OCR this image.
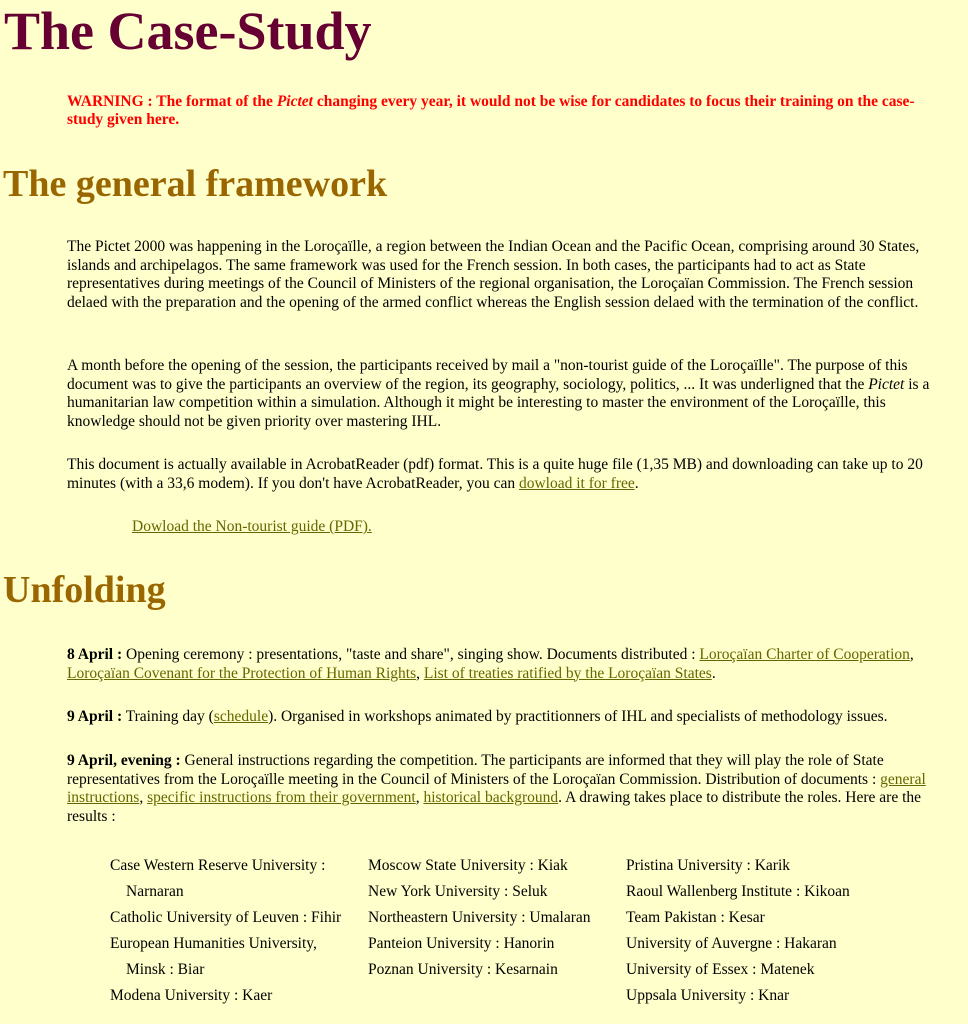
The Case-Study

WARNING : The format of the Pictet changing every year, it would not be wise for candidates to focus their training on the case-study given here.

The general framework

The Pictet 2000 was happening in the Loroçaïlle, a region between the Indian Ocean and the Pacific Ocean, comprising around 30 States, islands and archipelagos. The same framework was used for the French session. In both cases, the participants had to act as State representatives during meetings of the Council of Ministers of the regional organisation, the Loroçaïan Commission. The French session delaed with the preparation and the opening of the armed conflict whereas the English session delaed with the termination of the conflict.

A month before the opening of the session, the participants received by mail a "non-tourist guide of the Loroçaïlle". The purpose of this document was to give the participants an overview of the region, its geography, sociology, politics, ... It was underligned that the Pictet is a humanitarian law competition within a simulation. Although it might be interesting to master the environment of the Loroçaïlle, this knowledge should not be given priority over mastering IHL.

This document is actually available in AcrobatReader (pdf) format. This is a quite huge file (1,35 MB) and downloading can take up to 20 minutes (with a 33,6 modem). If you don't have AcrobatReader, you can dowload it for free.

Dowload the Non-tourist guide (PDF).
Unfolding

8 April : Opening ceremony : presentations, "taste and share", singing show. Documents distributed : Loroçaïan Charter of Cooperation, Loroçaïan Covenant for the Protection of Human Rights, List of treaties ratified by the Loroçaïan States.

9 April : Training day (schedule). Organised in workshops animated by practitionners of IHL and specialists of methodology issues.

9 April, evening : General instructions regarding the competition. The participants are informed that they will play the role of State representatives from the Loroçaïlle meeting in the Council of Ministers of the Loroçaïan Commission. Distribution of documents : general instructions, specific instructions from their government, historical background. A drawing takes place to distribute the roles. Here are the results :

Case Western Reserve University :
Narnaran
Catholic University of Leuven : Fihir
European Humanities University,
Minsk : Biar
Modena University : Kaer
Moscow State University : Kiak
New York University : Seluk
Northeastern University : Umalaran
Panteion University : Hanorin
Poznan University : Kesarnain
Pristina University : Karik
Raoul Wallenberg Institute : Kikoan
Team Pakistan : Kesar
University of Auvergne : Hakaran
University of Essex : Matenek
Uppsala University : Knar
